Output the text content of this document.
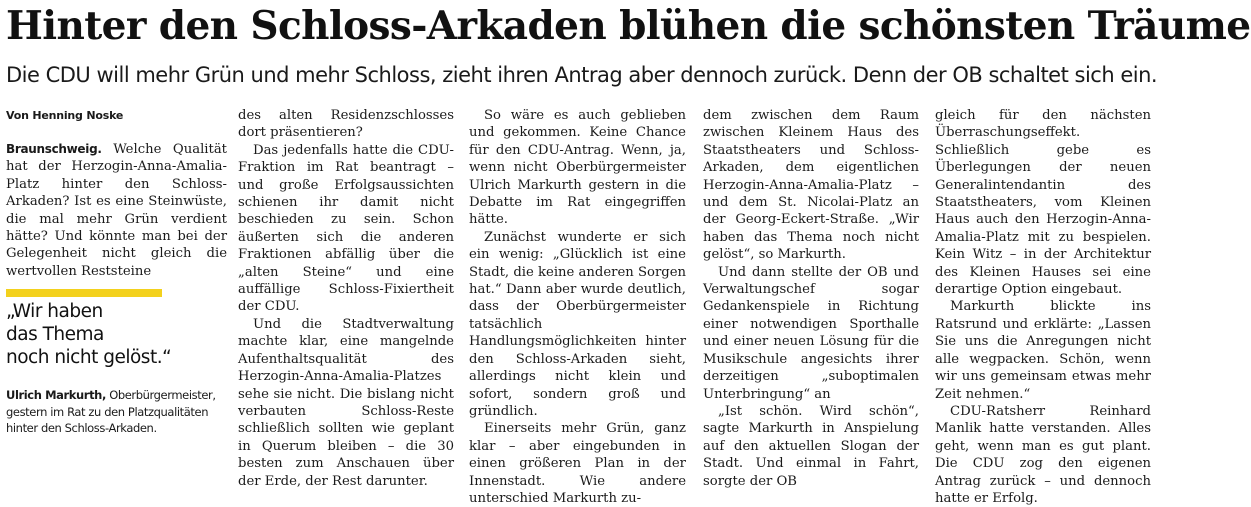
Hinter den Schloss-Arkaden blühen die schönsten Träume

Die CDU will mehr Grün und mehr Schloss, zieht ihren Antrag aber dennoch zurück. Denn der OB schaltet sich ein.

Von Henning Noske

Braunschweig. Welche Qualität hat der Herzogin-Anna-Amalia-Platz hinter den Schloss-Arkaden? Ist es eine Steinwüste, die mal mehr Grün verdient hätte? Und könnte man bei der Gelegenheit nicht gleich die wertvollen Reststeine

„Wir haben
das Thema
noch nicht gelöst.“

Ulrich Markurth, Oberbürgermeister,
gestern im Rat zu den Platzqualitäten
hinter den Schloss-Arkaden.

des alten Residenzschlosses dort präsentieren?

Das jedenfalls hatte die CDU-Fraktion im Rat beantragt – und große Erfolgsaussichten schienen ihr damit nicht beschieden zu sein. Schon äußerten sich die anderen Fraktionen abfällig über die „alten Steine“ und eine auffällige Schloss-Fixiertheit der CDU.

Und die Stadtverwaltung machte klar, eine mangelnde Aufenthaltsqualität des Herzogin-Anna-Amalia-Platzes sehe sie nicht. Die bislang nicht verbauten Schloss-Reste schließlich sollten wie geplant in Querum bleiben – die 30 besten zum Anschauen über der Erde, der Rest darunter.

So wäre es auch geblieben und gekommen. Keine Chance für den CDU-Antrag. Wenn, ja, wenn nicht Oberbürgermeister Ulrich Markurth gestern in die Debatte im Rat eingegriffen hätte.

Zunächst wunderte er sich ein wenig: „Glücklich ist eine Stadt, die keine anderen Sorgen hat.“ Dann aber wurde deutlich, dass der Oberbürgermeister tatsächlich Handlungsmöglichkeiten hinter den Schloss-Arkaden sieht, allerdings nicht klein und sofort, sondern groß und gründlich.

Einerseits mehr Grün, ganz klar – aber eingebunden in einen größeren Plan in der Innenstadt. Wie andere unterschied Markurth zu-

dem zwischen dem Raum zwischen Kleinem Haus des Staatstheaters und Schloss-Arkaden, dem eigentlichen Herzogin-Anna-Amalia-Platz – und dem St. Nicolai-Platz an der Georg-Eckert-Straße. „Wir haben das Thema noch nicht gelöst“, so Markurth.

Und dann stellte der OB und Verwaltungschef sogar Gedankenspiele in Richtung einer notwendigen Sporthalle und einer neuen Lösung für die Musikschule angesichts ihrer derzeitigen „suboptimalen Unterbringung“ an

„Ist schön. Wird schön“, sagte Markurth in Anspielung auf den aktuellen Slogan der Stadt. Und einmal in Fahrt, sorgte der OB

gleich für den nächsten Überraschungseffekt. Schließlich gebe es Überlegungen der neuen Generalintendantin des Staatstheaters, vom Kleinen Haus auch den Herzogin-Anna-Amalia-Platz mit zu bespielen. Kein Witz – in der Architektur des Kleinen Hauses sei eine derartige Option eingebaut.

Markurth blickte ins Ratsrund und erklärte: „Lassen Sie uns die Anregungen nicht alle wegpacken. Schön, wenn wir uns gemeinsam etwas mehr Zeit nehmen.“

CDU-Ratsherr Reinhard Manlik hatte verstanden. Alles geht, wenn man es gut plant. Die CDU zog den eigenen Antrag zurück – und dennoch hatte er Erfolg.
